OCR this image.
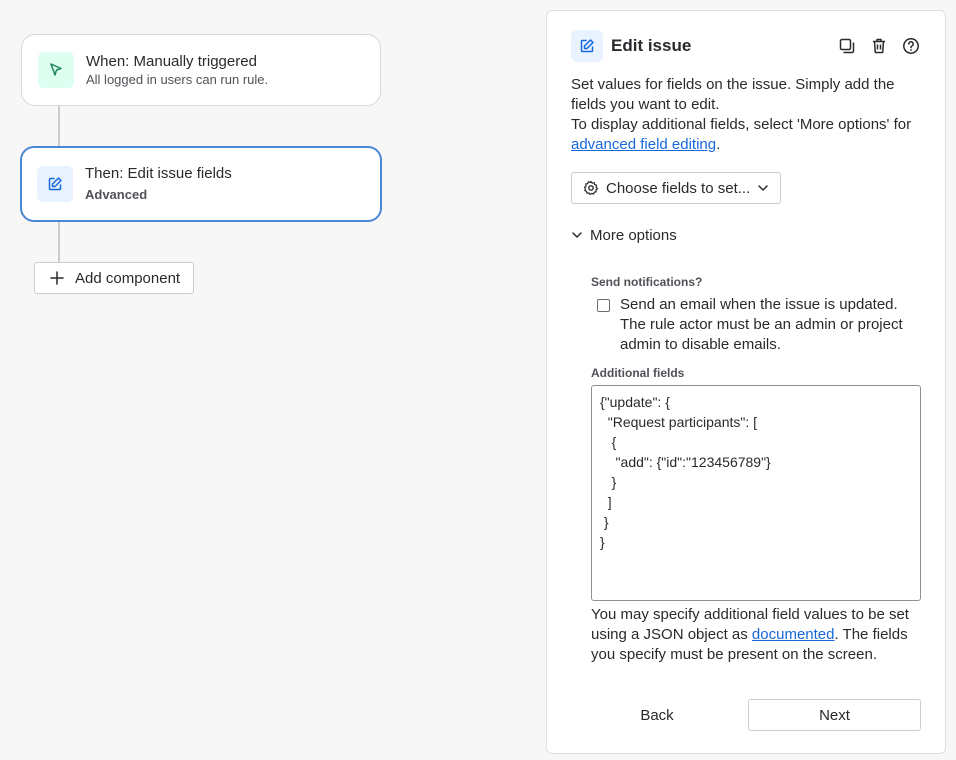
When: Manually triggered
All logged in users can run rule.
Then: Edit issue fields
Advanced
Add component
Edit issue
Set values for fields on the issue. Simply add the fields you want to edit.
To display additional fields, select 'More options' for advanced field editing.
Choose fields to set...
More options
Send notifications?
Send an email when the issue is updated. The rule actor must be an admin or project admin to disable emails.
Additional fields
{"update": {
"Request participants": [
{
"add": {"id":"123456789"}
}
]
}
}
You may specify additional field values to be set using a JSON object as documented. The fields you specify must be present on the screen.
Back	Next
